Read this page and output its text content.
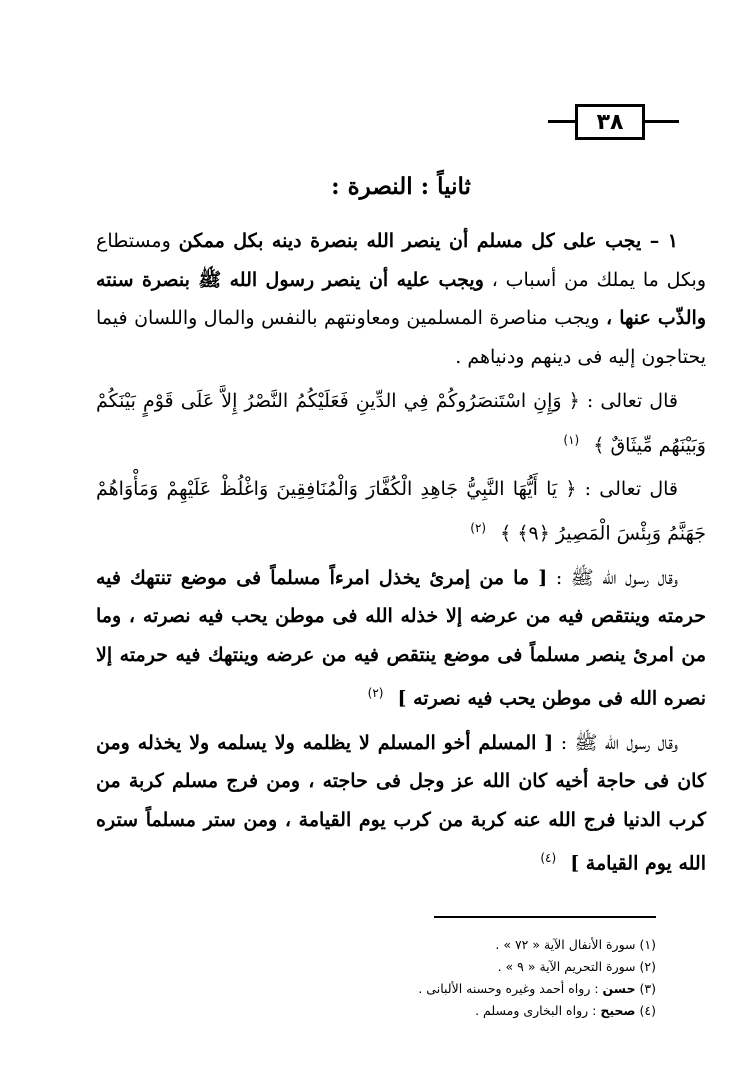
٣٨
ثانياً : النصرة :

١ – يجب على كل مسلم أن ينصر الله بنصرة دينه بكل ممكن ومستطاع وبكل ما يملك من أسباب ، ويجب عليه أن ينصر رسول الله ﷺ بنصرة سنته والذّب عنها ، ويجب مناصرة المسلمين ومعاونتهم بالنفس والمال واللسان فيما يحتاجون إليه فى دينهم ودنياهم .

قال تعالى : ﴿ وَإِنِ اسْتَنصَرُوكُمْ فِي الدِّينِ فَعَلَيْكُمُ النَّصْرُ إِلاَّ عَلَى قَوْمٍ بَيْنَكُمْ وَبَيْنَهُم مِّيثَاقٌ ﴾ $^{(١)}$

قال تعالى : ﴿ يَا أَيُّهَا النَّبِيُّ جَاهِدِ الْكُفَّارَ وَالْمُنَافِقِينَ وَاغْلُظْ عَلَيْهِمْ وَمَأْوَاهُمْ جَهَنَّمُ وَبِئْسَ الْمَصِيرُ ﴿٩﴾ ﴾ $^{(٢)}$

وقال رسول الله ﷺ : [ ما من إمرئ يخذل امرءاً مسلماً فى موضع تنتهك فيه حرمته وينتقص فيه من عرضه إلا خذله الله فى موطن يحب فيه نصرته ، وما من امرئ ينصر مسلماً فى موضع ينتقص فيه من عرضه وينتهك فيه حرمته إلا نصره الله فى موطن يحب فيه نصرته ] $^{(٢)}$

وقال رسول الله ﷺ : [ المسلم أخو المسلم لا يظلمه ولا يسلمه ولا يخذله ومن كان فى حاجة أخيه كان الله عز وجل فى حاجته ، ومن فرج مسلم كربة من كرب الدنيا فرج الله عنه كربة من كرب يوم القيامة ، ومن ستر مسلماً ستره الله يوم القيامة ] $^{(٤)}$

(١) سورة الأنفال الآية « ٧٢ » .
(٢) سورة التحريم الآية « ٩ » .
(٣) حسن : رواه أحمد وغيره وحسنه الألبانى .
(٤) صحيح : رواه البخارى ومسلم .
